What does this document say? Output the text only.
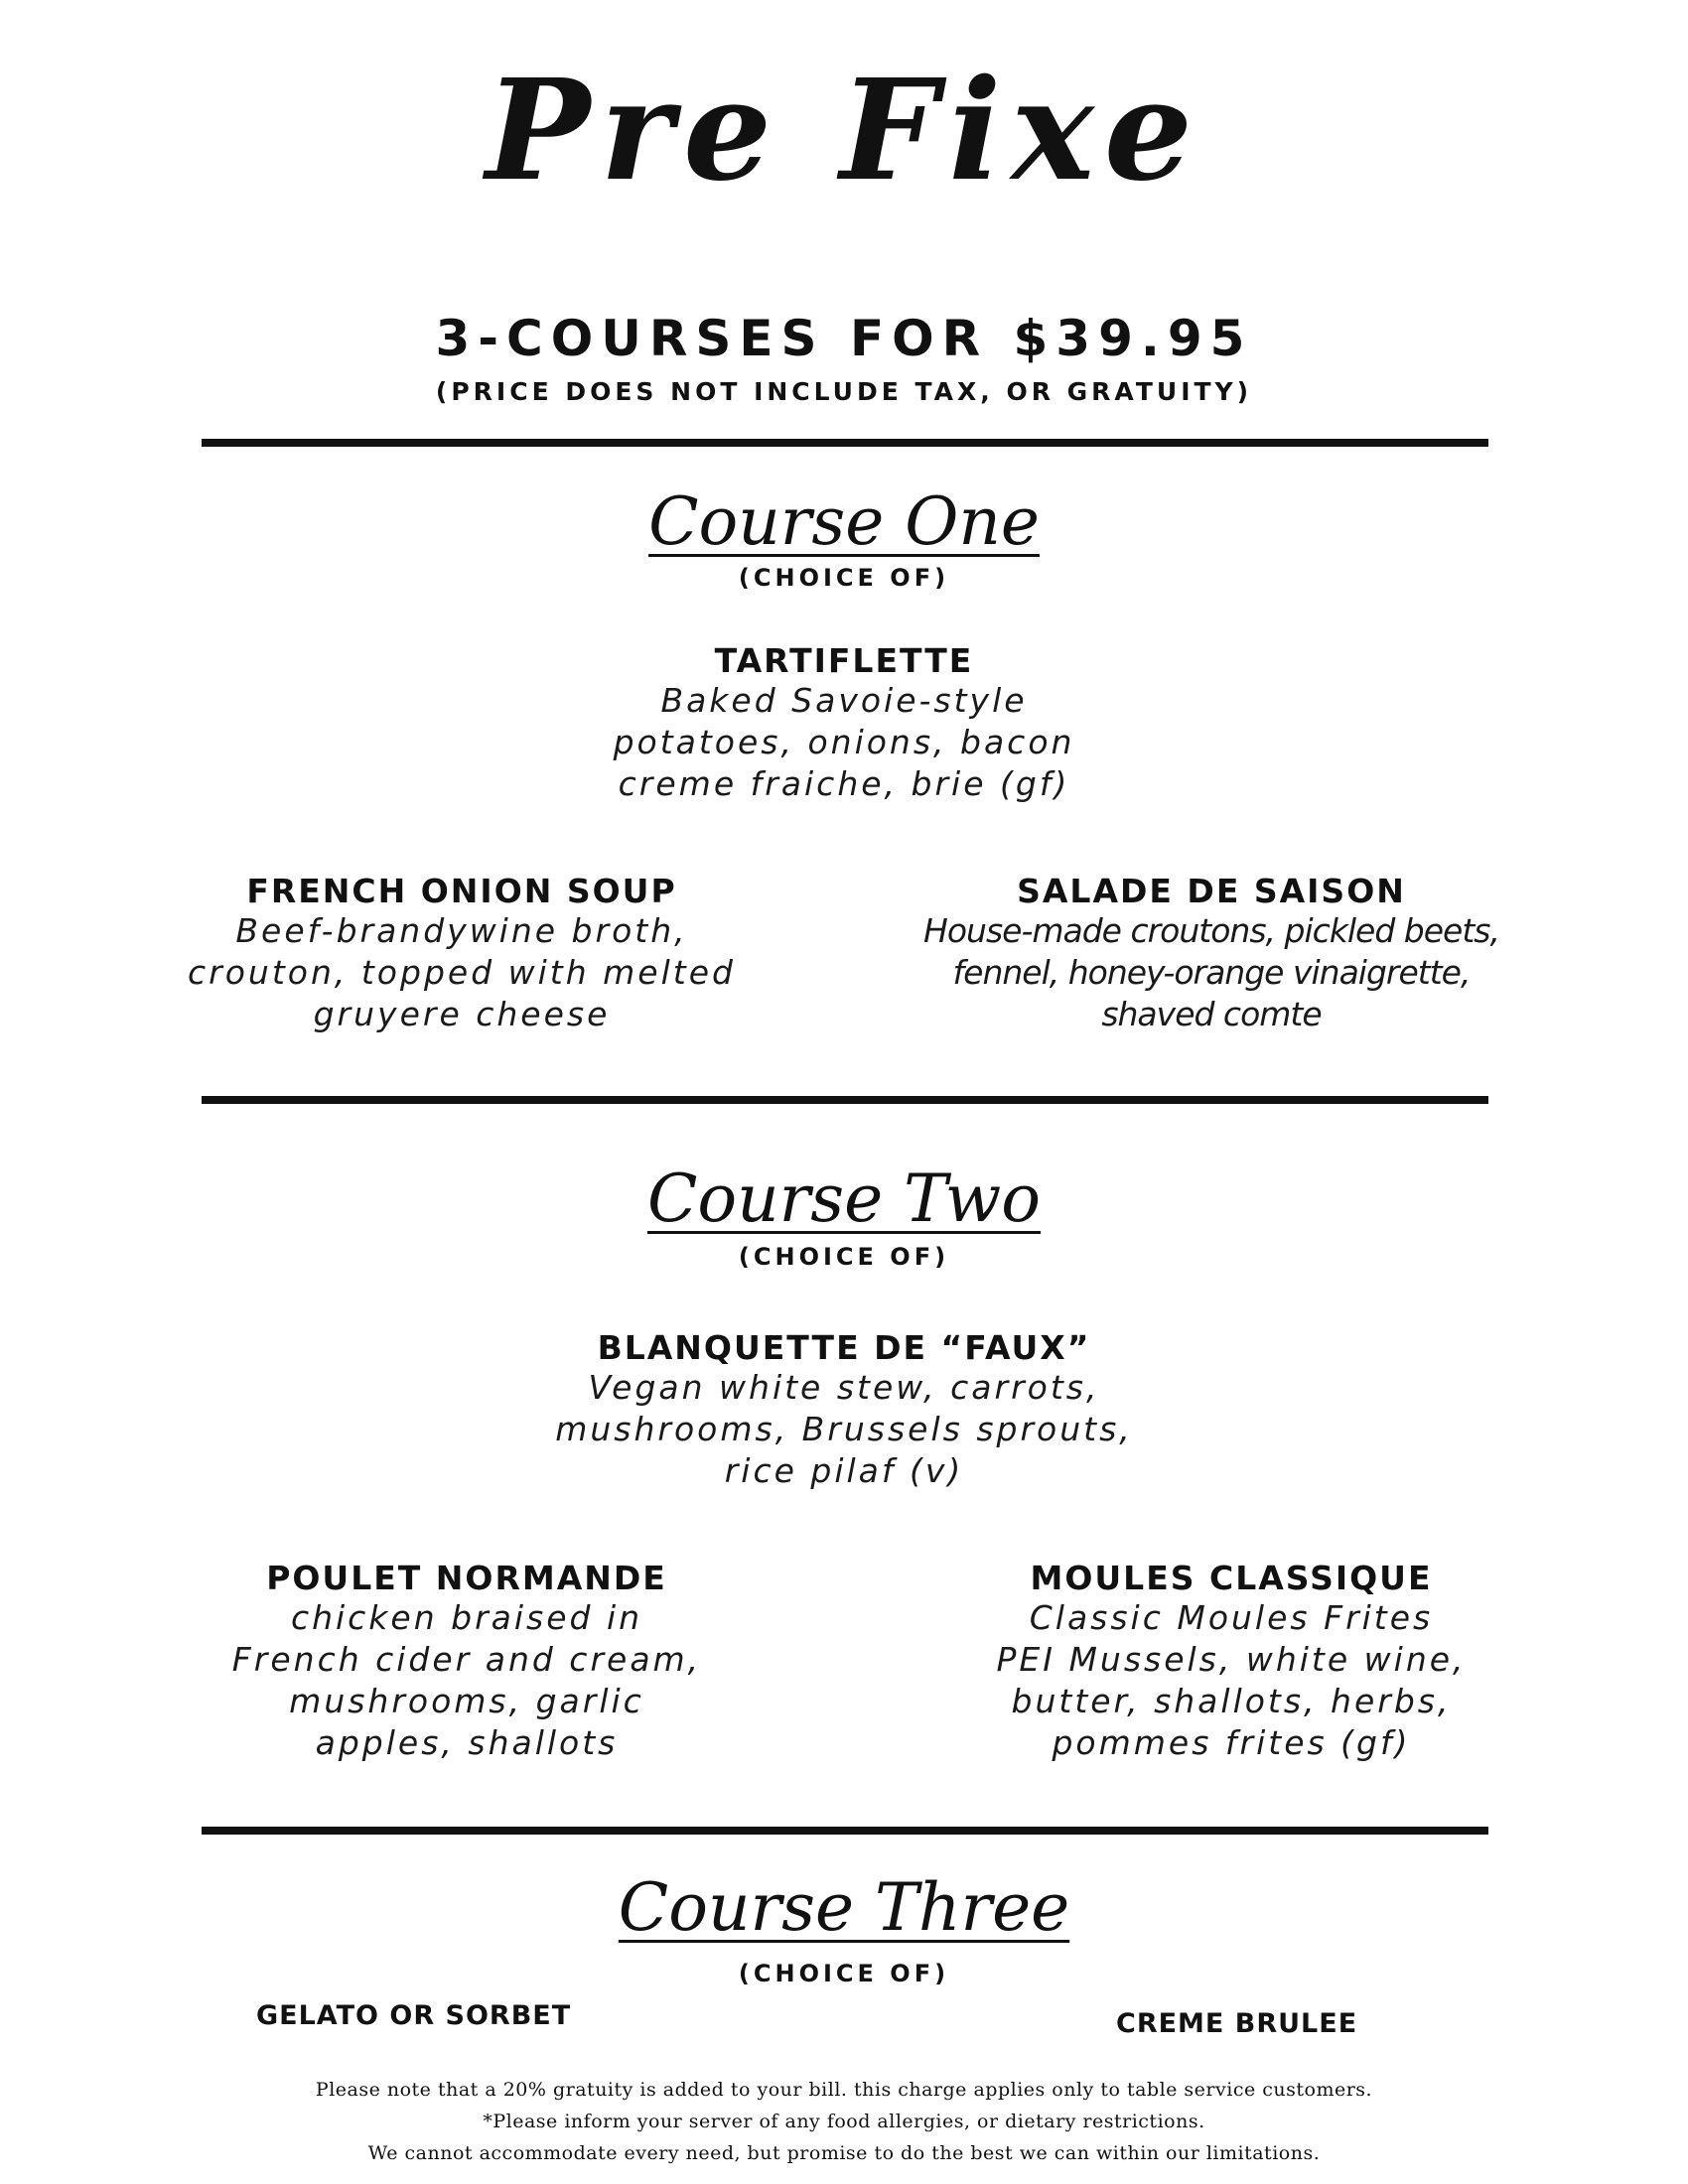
Pre Fixe
3-COURSES FOR $39.95
(PRICE DOES NOT INCLUDE TAX, OR GRATUITY)
Course One
(CHOICE OF)
TARTIFLETTE
Baked Savoie-style
potatoes, onions, bacon
creme fraiche, brie (gf)
FRENCH ONION SOUP
Beef-brandywine broth,
crouton, topped with melted
gruyere cheese
SALADE DE SAISON
House-made croutons, pickled beets,
fennel, honey-orange vinaigrette,
shaved comte
Course Two
(CHOICE OF)
BLANQUETTE DE “FAUX”
Vegan white stew, carrots,
mushrooms, Brussels sprouts,
rice pilaf (v)
POULET NORMANDE
chicken braised in
French cider and cream,
mushrooms, garlic
apples, shallots
MOULES CLASSIQUE
Classic Moules Frites
PEI Mussels, white wine,
butter, shallots, herbs,
pommes frites (gf)
Course Three
(CHOICE OF)
GELATO OR SORBET	CREME BRULEE
Please note that a 20% gratuity is added to your bill. this charge applies only to table service customers.
*Please inform your server of any food allergies, or dietary restrictions.
We cannot accommodate every need, but promise to do the best we can within our limitations.
